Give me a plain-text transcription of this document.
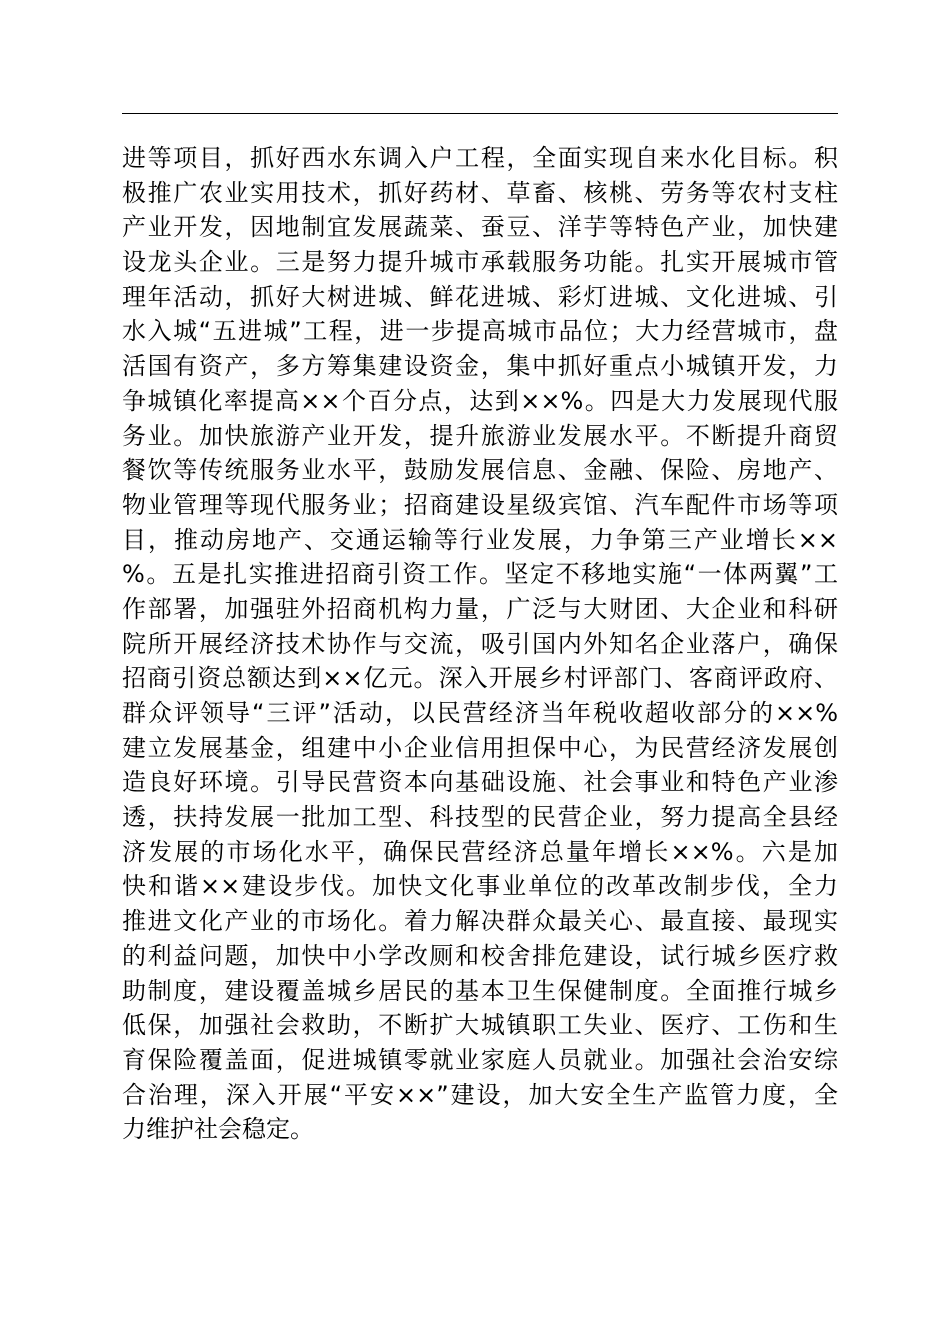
进等项目，抓好西水东调入户工程，全面实现自来水化目标。积
极推广农业实用技术，抓好药材、草畜、核桃、劳务等农村支柱
产业开发，因地制宜发展蔬菜、蚕豆、洋芋等特色产业，加快建
设龙头企业。三是努力提升城市承载服务功能。扎实开展城市管
理年活动，抓好大树进城、鲜花进城、彩灯进城、文化进城、引
水入城“五进城”工程，进一步提高城市品位；大力经营城市，盘
活国有资产，多方筹集建设资金，集中抓好重点小城镇开发，力
争城镇化率提高××个百分点，达到××%。四是大力发展现代服
务业。加快旅游产业开发，提升旅游业发展水平。不断提升商贸
餐饮等传统服务业水平，鼓励发展信息、金融、保险、房地产、
物业管理等现代服务业；招商建设星级宾馆、汽车配件市场等项
目，推动房地产、交通运输等行业发展，力争第三产业增长××
%。五是扎实推进招商引资工作。坚定不移地实施“一体两翼”工
作部署，加强驻外招商机构力量，广泛与大财团、大企业和科研
院所开展经济技术协作与交流，吸引国内外知名企业落户，确保
招商引资总额达到××亿元。深入开展乡村评部门、客商评政府、
群众评领导“三评”活动，以民营经济当年税收超收部分的××%
建立发展基金，组建中小企业信用担保中心，为民营经济发展创
造良好环境。引导民营资本向基础设施、社会事业和特色产业渗
透，扶持发展一批加工型、科技型的民营企业，努力提高全县经
济发展的市场化水平，确保民营经济总量年增长××%。六是加
快和谐××建设步伐。加快文化事业单位的改革改制步伐，全力
推进文化产业的市场化。着力解决群众最关心、最直接、最现实
的利益问题，加快中小学改厕和校舍排危建设，试行城乡医疗救
助制度，建设覆盖城乡居民的基本卫生保健制度。全面推行城乡
低保，加强社会救助，不断扩大城镇职工失业、医疗、工伤和生
育保险覆盖面，促进城镇零就业家庭人员就业。加强社会治安综
合治理，深入开展“平安××”建设，加大安全生产监管力度，全
力维护社会稳定。
